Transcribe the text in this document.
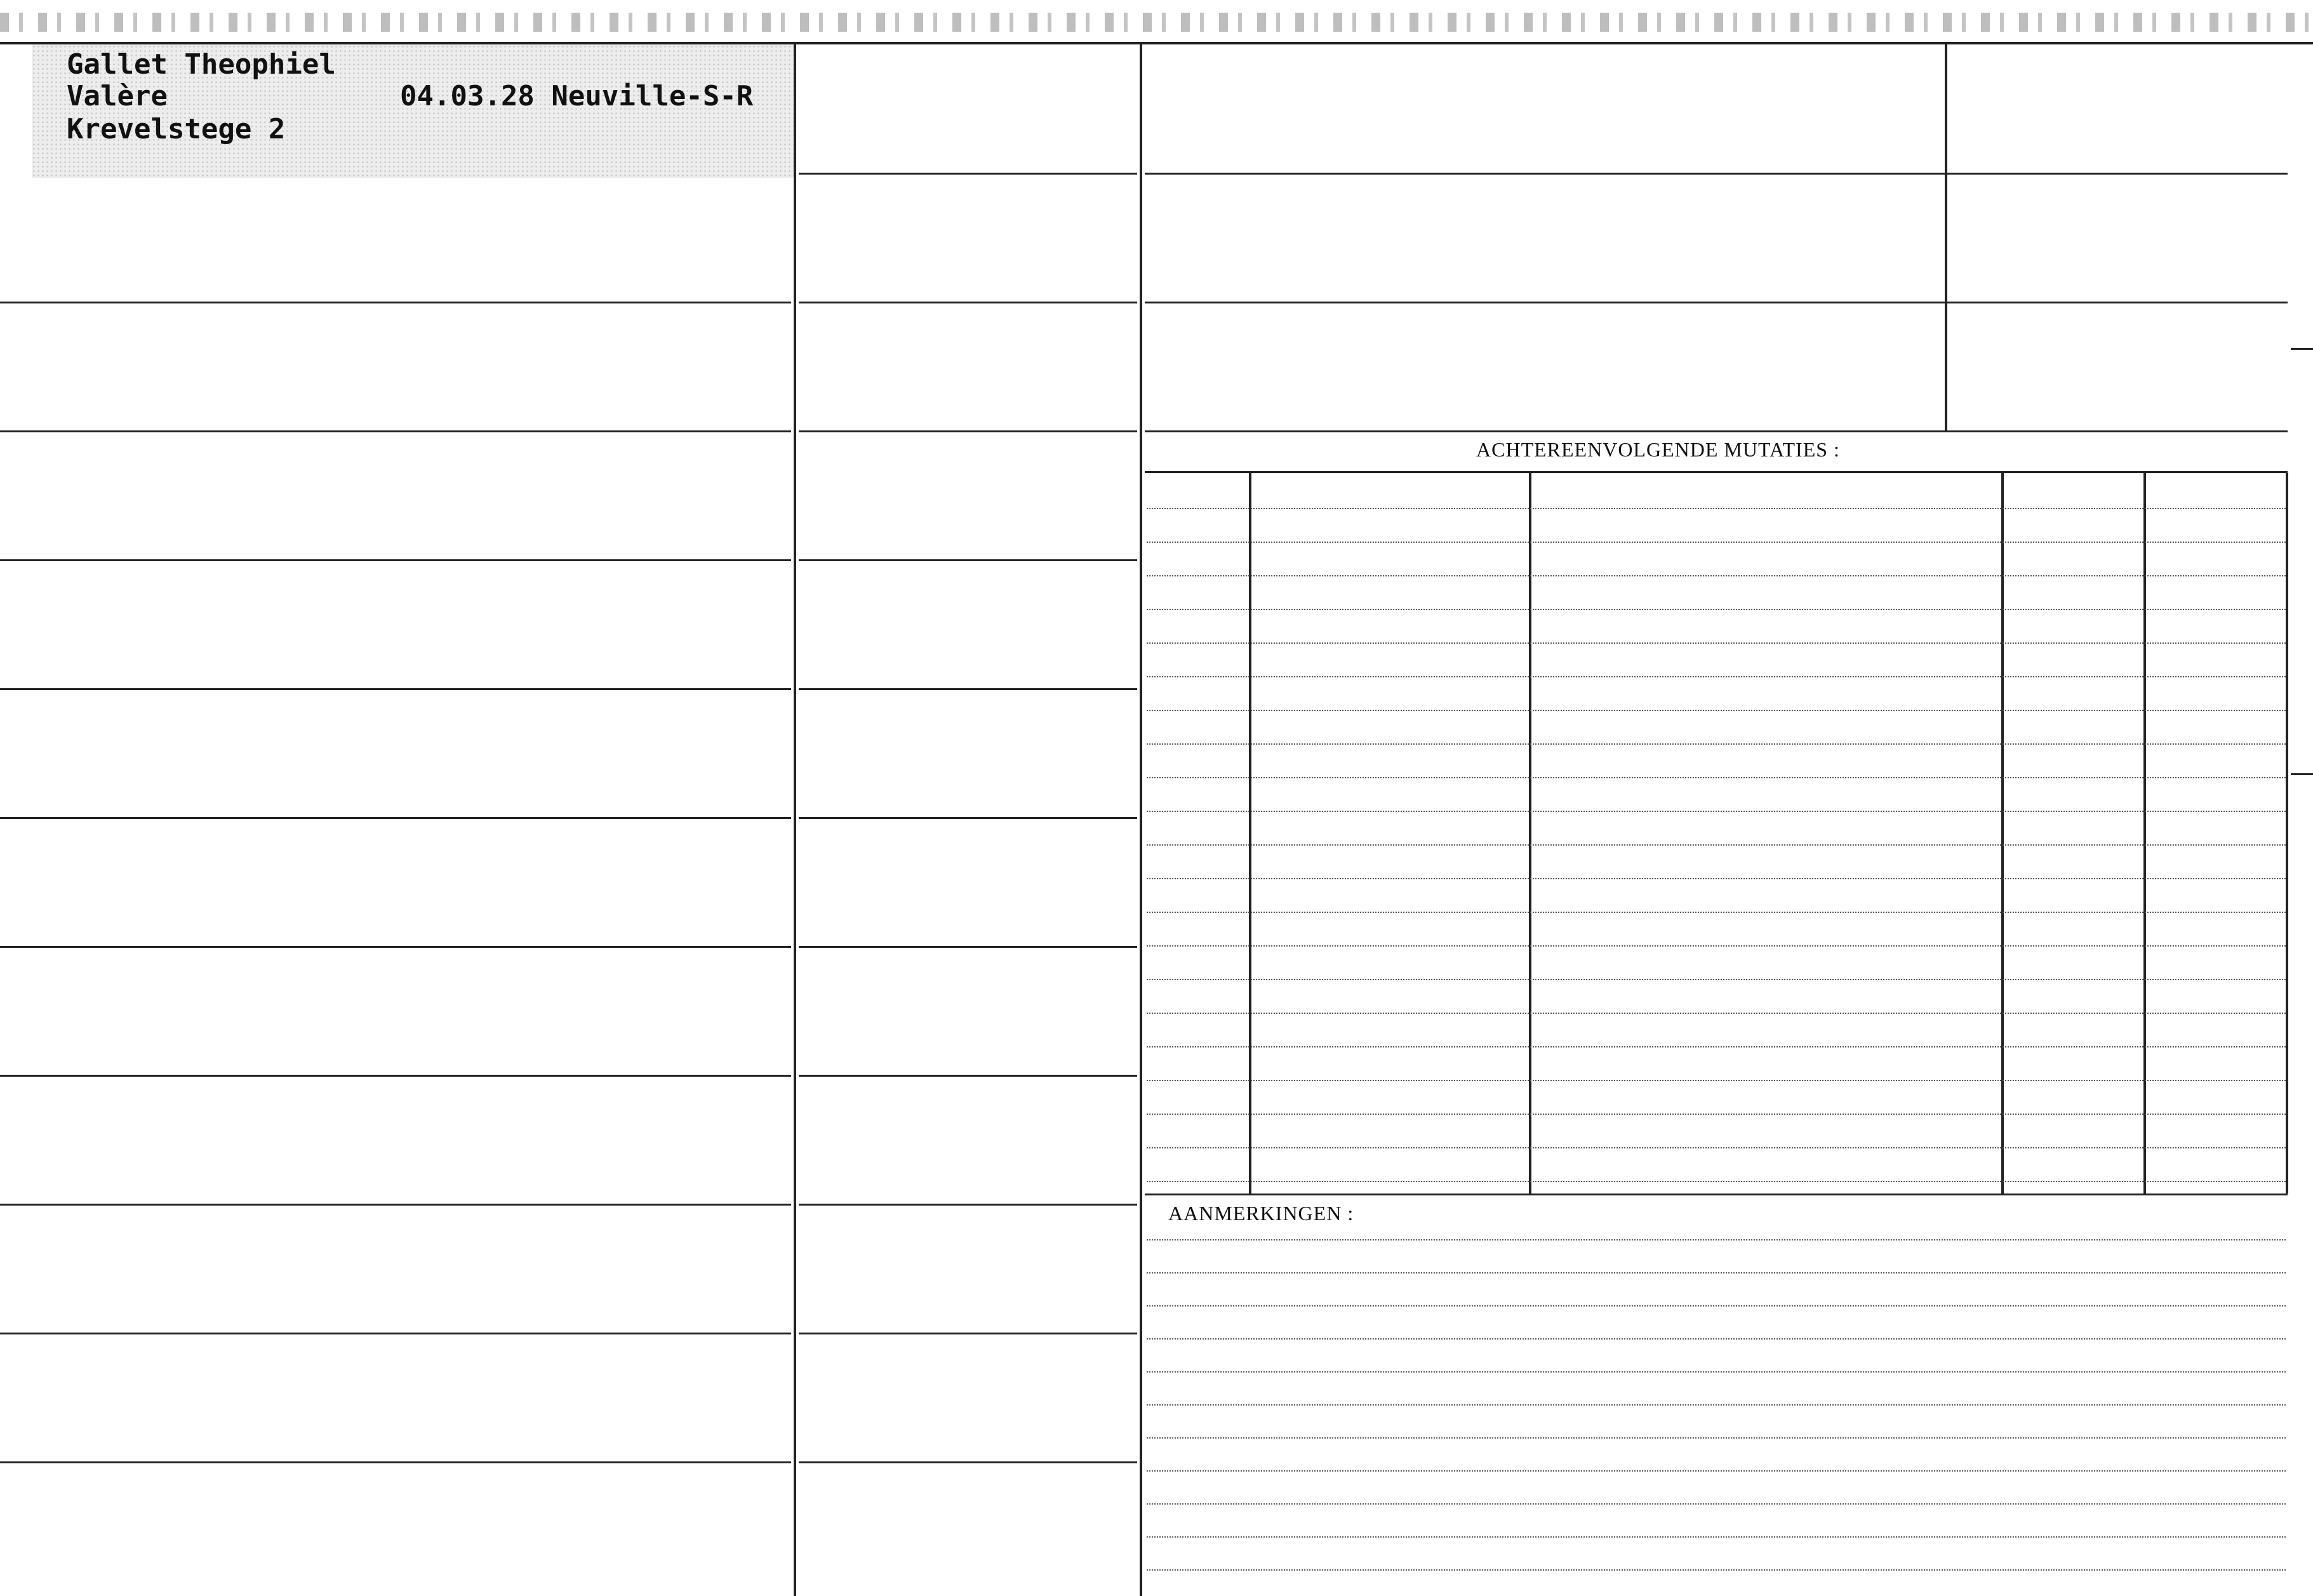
Gallet Theophiel
Valère
Krevelstege 2
04.03.28 Neuville-S-R
ACHTEREENVOLGENDE MUTATIES :
AANMERKINGEN :
